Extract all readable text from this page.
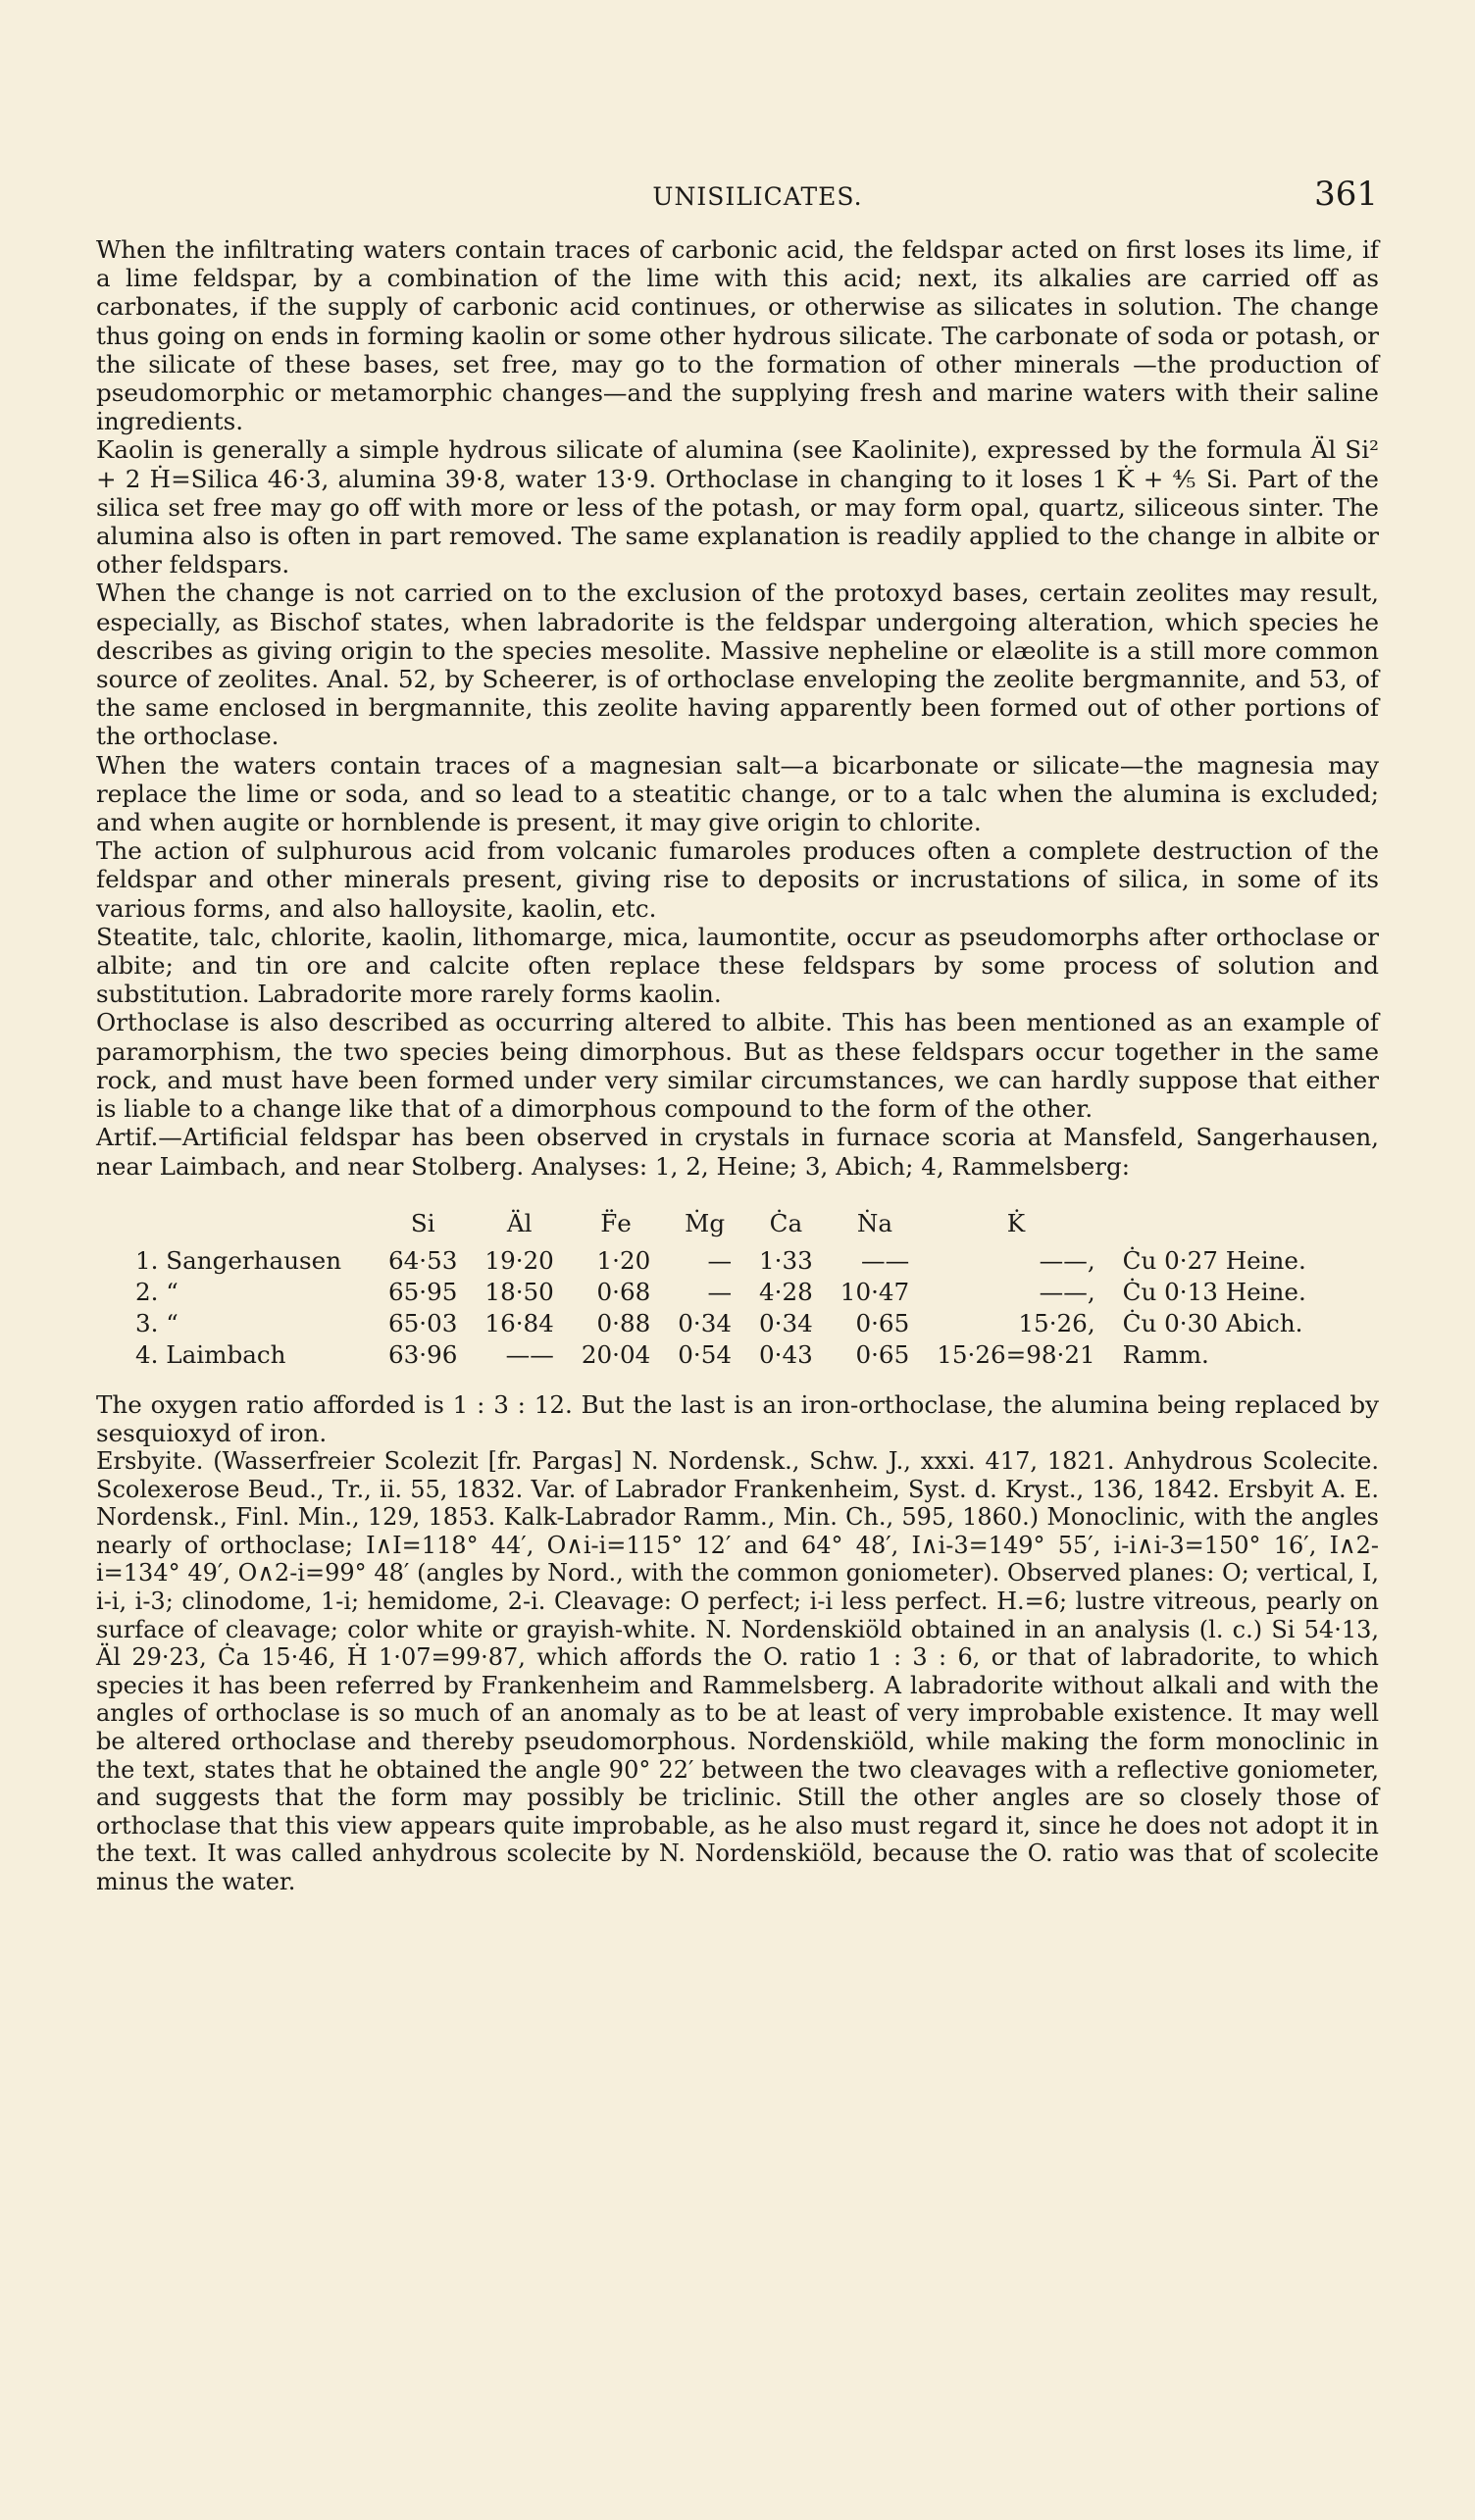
UNISILICATES.	361

When the infiltrating waters contain traces of carbonic acid, the feldspar acted on first loses its lime, if a lime feldspar, by a combination of the lime with this acid; next, its alkalies are carried off as carbonates, if the supply of carbonic acid continues, or otherwise as silicates in solution. The change thus going on ends in forming kaolin or some other hydrous silicate. The carbonate of soda or potash, or the silicate of these bases, set free, may go to the formation of other minerals —the production of pseudomorphic or metamorphic changes—and the supplying fresh and marine waters with their saline ingredients.

Kaolin is generally a simple hydrous silicate of alumina (see Kaolinite), expressed by the formula Äl Si² + 2 Ḣ=Silica 46·3, alumina 39·8, water 13·9. Orthoclase in changing to it loses 1 K̇ + ⅘ Si. Part of the silica set free may go off with more or less of the potash, or may form opal, quartz, siliceous sinter. The alumina also is often in part removed. The same explanation is readily applied to the change in albite or other feldspars.

When the change is not carried on to the exclusion of the protoxyd bases, certain zeolites may result, especially, as Bischof states, when labradorite is the feldspar undergoing alteration, which species he describes as giving origin to the species mesolite. Massive nepheline or elæolite is a still more common source of zeolites. Anal. 52, by Scheerer, is of orthoclase enveloping the zeolite bergmannite, and 53, of the same enclosed in bergmannite, this zeolite having apparently been formed out of other portions of the orthoclase.

When the waters contain traces of a magnesian salt—a bicarbonate or silicate—the magnesia may replace the lime or soda, and so lead to a steatitic change, or to a talc when the alumina is excluded; and when augite or hornblende is present, it may give origin to chlorite.

The action of sulphurous acid from volcanic fumaroles produces often a complete destruction of the feldspar and other minerals present, giving rise to deposits or incrustations of silica, in some of its various forms, and also halloysite, kaolin, etc.

Steatite, talc, chlorite, kaolin, lithomarge, mica, laumontite, occur as pseudomorphs after orthoclase or albite; and tin ore and calcite often replace these feldspars by some process of solution and substitution. Labradorite more rarely forms kaolin.

Orthoclase is also described as occurring altered to albite. This has been mentioned as an example of paramorphism, the two species being dimorphous. But as these feldspars occur together in the same rock, and must have been formed under very similar circumstances, we can hardly suppose that either is liable to a change like that of a dimorphous compound to the form of the other.

Artif.—Artificial feldspar has been observed in crystals in furnace scoria at Mansfeld, Sangerhausen, near Laimbach, and near Stolberg. Analyses: 1, 2, Heine; 3, Abich; 4, Rammelsberg:

	Si	Äl	F̈e	Ṁg	Ċa	Ṅa	K̇	
1. Sangerhausen	64·53	19·20	1·20	—	1·33	——	——,	Ċu 0·27 Heine.
2. “	65·95	18·50	0·68	—	4·28	10·47	——,	Ċu 0·13 Heine.
3. “	65·03	16·84	0·88	0·34	0·34	0·65	15·26,	Ċu 0·30 Abich.
4. Laimbach	63·96	——	20·04	0·54	0·43	0·65	15·26=98·21	Ramm.

The oxygen ratio afforded is 1 : 3 : 12. But the last is an iron-orthoclase, the alumina being replaced by sesquioxyd of iron.

Ersbyite. (Wasserfreier Scolezit [fr. Pargas] N. Nordensk., Schw. J., xxxi. 417, 1821. Anhydrous Scolecite. Scolexerose Beud., Tr., ii. 55, 1832. Var. of Labrador Frankenheim, Syst. d. Kryst., 136, 1842. Ersbyit A. E. Nordensk., Finl. Min., 129, 1853. Kalk-Labrador Ramm., Min. Ch., 595, 1860.) Monoclinic, with the angles nearly of orthoclase; I∧I=118° 44′, O∧i-i=115° 12′ and 64° 48′, I∧i-3=149° 55′, i-i∧i-3=150° 16′, I∧2-i=134° 49′, O∧2-i=99° 48′ (angles by Nord., with the common goniometer). Observed planes: O; vertical, I, i-i, i-3; clinodome, 1-i; hemidome, 2-i. Cleavage: O perfect; i-i less perfect. H.=6; lustre vitreous, pearly on surface of cleavage; color white or grayish-white. N. Nordenskiöld obtained in an analysis (l. c.) Si 54·13, Äl 29·23, Ċa 15·46, Ḣ 1·07=99·87, which affords the O. ratio 1 : 3 : 6, or that of labradorite, to which species it has been referred by Frankenheim and Rammelsberg. A labradorite without alkali and with the angles of orthoclase is so much of an anomaly as to be at least of very improbable existence. It may well be altered orthoclase and thereby pseudomorphous. Nordenskiöld, while making the form monoclinic in the text, states that he obtained the angle 90° 22′ between the two cleavages with a reflective goniometer, and suggests that the form may possibly be triclinic. Still the other angles are so closely those of orthoclase that this view appears quite improbable, as he also must regard it, since he does not adopt it in the text. It was called anhydrous scolecite by N. Nordenskiöld, because the O. ratio was that of scolecite minus the water.
